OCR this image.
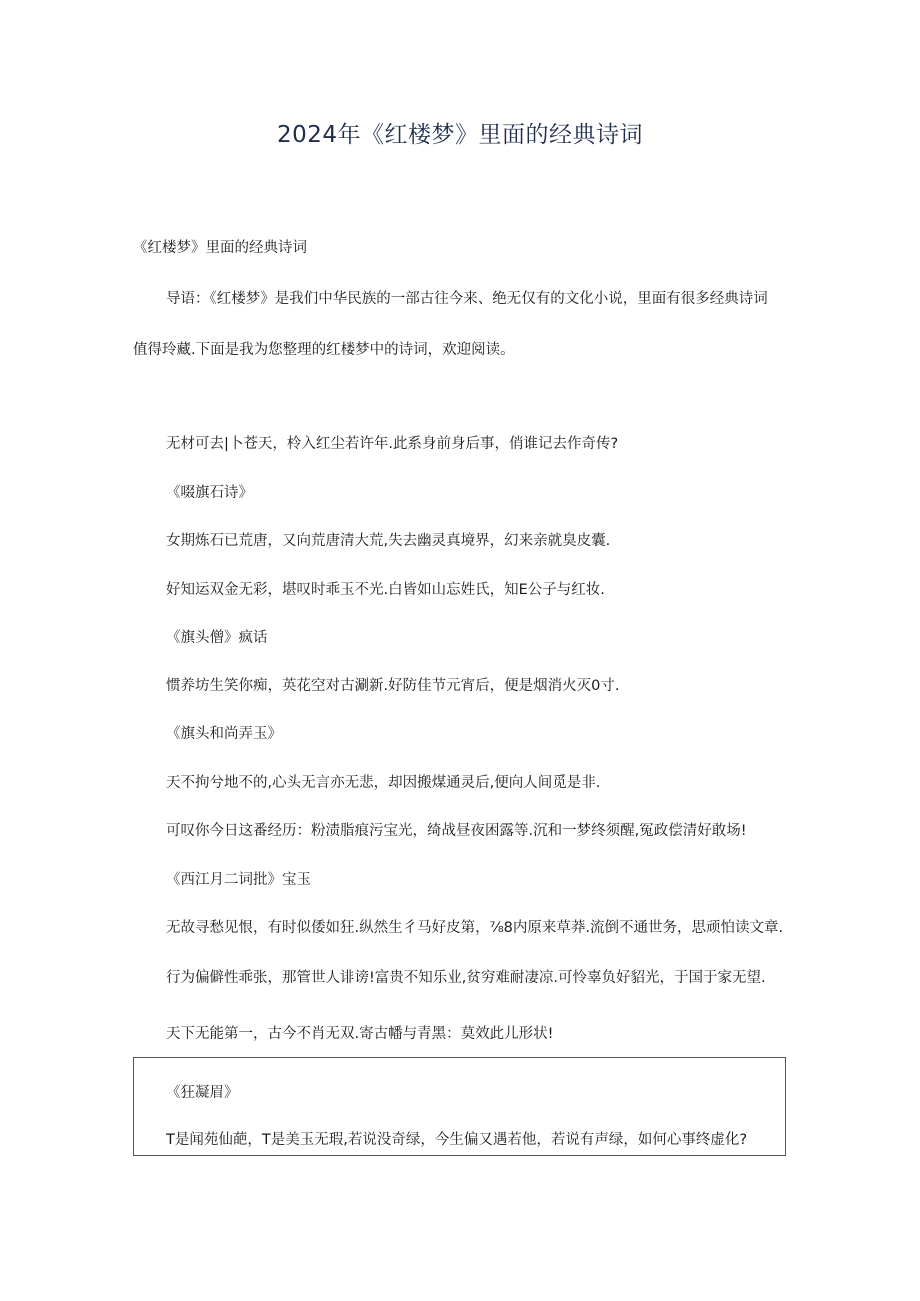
2024年《红楼梦》里面的经典诗词
《红楼梦》里面的经典诗词
导语：《红楼梦》是我们中华民族的一部古往今来、绝无仅有的文化小说，里面有很多经典诗词
值得玲藏.下面是我为您整理的红楼梦中的诗词，欢迎阅读。
无材可去|卜苍天，柃入红尘若许年.此系身前身后事，俏谁记去作奇传?
《啜旗石诗》
女期炼石已荒唐，又向荒唐清大荒,失去幽灵真境界，幻来亲就臭皮囊.
好知运双金无彩，堪叹时乖玉不光.白皆如山忘姓氏，知E公子与红妆.
《旗头僧》疯话
惯养坊生笑你痴，英花空对古涮新.好防佳节元宵后，便是烟消火灭0寸.
《旗头和尚弄玉》
天不拘兮地不的,心头无言亦无悲，却因搬煤通灵后,便向人间觅是非.
可叹你今日这番经历：粉渍脂痕污宝光，绮战昼夜困露等.沉和一梦终须醒,冤政偿清好敢场!
《西江月二词批》宝玉
无故寻愁见恨，有时似倭如狂.纵然生彳马好皮第，⅞8内原来草莽.流倒不通世务，思顽怕读文章.
行为偏僻性乖张，那管世人诽谤!富贵不知乐业,贫穷难耐凄凉.可怜辜负好貂光，于国于家无望.
天下无能第一，古今不肖无双.寄古幡与青黑：莫效此儿形状!
《狂凝眉》
T是闻苑仙葩，T是美玉无瑕,若说没奇绿，今生偏又遇若他，若说有声绿，如何心事终虚化?
